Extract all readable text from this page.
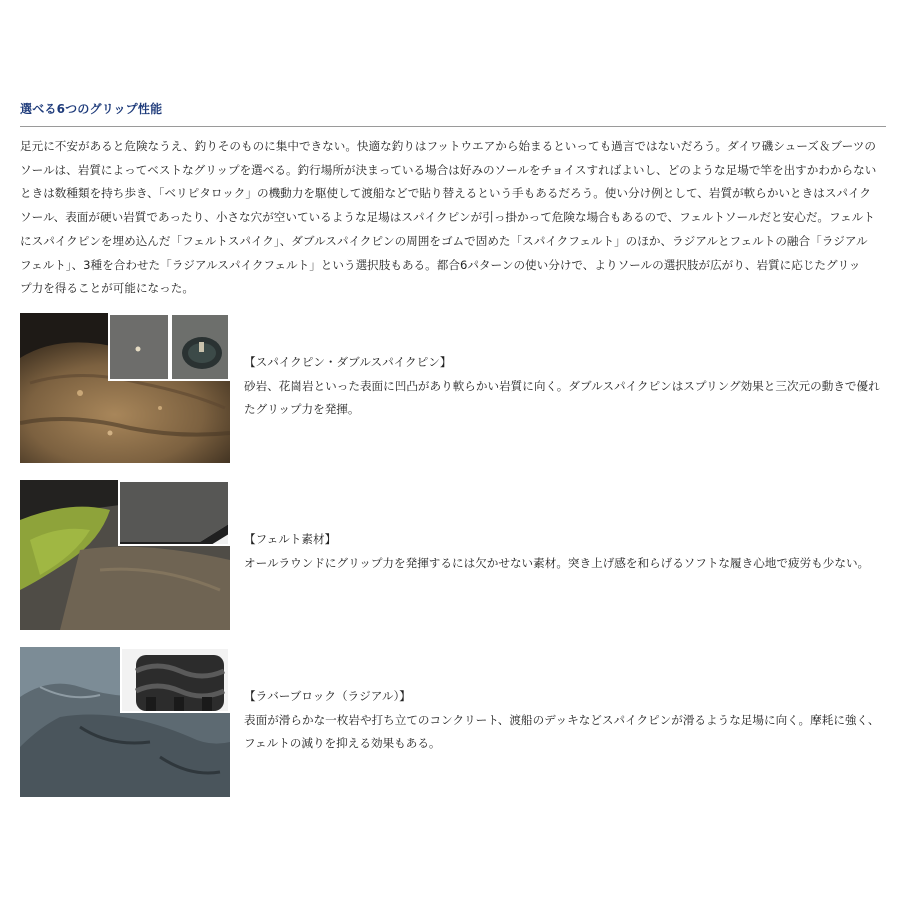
選べる6つのグリップ性能
足元に不安があると危険なうえ、釣りそのものに集中できない。快適な釣りはフットウエアから始まるといっても過言ではないだろう。ダイワ磯シューズ＆ブーツの
ソールは、岩質によってベストなグリップを選べる。釣行場所が決まっている場合は好みのソールをチョイスすればよいし、どのような足場で竿を出すかわからない
ときは数種類を持ち歩き、「ベリピタロック」の機動力を駆使して渡船などで貼り替えるという手もあるだろう。使い分け例として、岩質が軟らかいときはスパイク
ソール、表面が硬い岩質であったり、小さな穴が空いているような足場はスパイクピンが引っ掛かって危険な場合もあるので、フェルトソールだと安心だ。フェルト
にスパイクピンを埋め込んだ「フェルトスパイク」、ダブルスパイクピンの周囲をゴムで固めた「スパイクフェルト」のほか、ラジアルとフェルトの融合「ラジアル
フェルト」、3種を合わせた「ラジアルスパイクフェルト」という選択肢もある。都合6パターンの使い分けで、よりソールの選択肢が広がり、岩質に応じたグリッ
プ力を得ることが可能になった。
【スパイクピン・ダブルスパイクピン】
砂岩、花崗岩といった表面に凹凸があり軟らかい岩質に向く。ダブルスパイクピンはスプリング効果と三次元の動きで優れ
たグリップ力を発揮。
【フェルト素材】
オールラウンドにグリップ力を発揮するには欠かせない素材。突き上げ感を和らげるソフトな履き心地で疲労も少ない。
【ラバーブロック（ラジアル）】
表面が滑らかな一枚岩や打ち立てのコンクリート、渡船のデッキなどスパイクピンが滑るような足場に向く。摩耗に強く、
フェルトの減りを抑える効果もある。
